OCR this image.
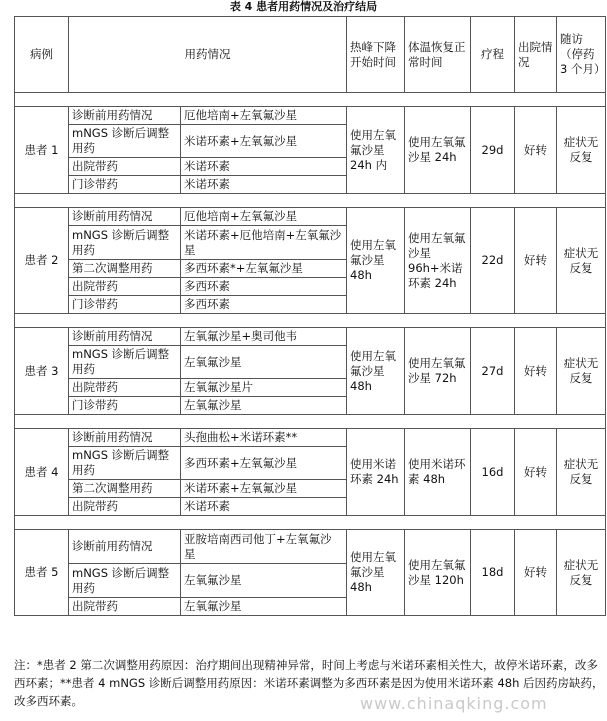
表 4 患者用药情况及治疗结局
病例	用药情况		热峰下降开始时间	体温恢复正常时间	疗程	出院情况	随访（停药 3 个月）

患者 1	诊断前用药情况	厄他培南+左氧氟沙星	使用左氧氟沙星 24h 内	使用左氧氟沙星 24h	29d	好转	症状无反复
	mNGS 诊断后调整用药	米诺环素+左氧氟沙星					
	出院带药	米诺环素					
	门诊带药	米诺环素					

患者 2	诊断前用药情况	厄他培南+左氧氟沙星	使用左氧氟沙星 48h	使用左氧氟沙星 96h+米诺环素 24h	22d	好转	症状无反复
	mNGS 诊断后调整用药	米诺环素+厄他培南+左氧氟沙星					
	第二次调整用药	多西环素*+左氧氟沙星					
	出院带药	多西环素					
	门诊带药	多西环素					

患者 3	诊断前用药情况	左氧氟沙星+奥司他韦	使用左氧氟沙星 48h	使用左氧氟沙星 72h	27d	好转	症状无反复
	mNGS 诊断后调整用药	左氧氟沙星					
	出院带药	左氧氟沙星片					
	门诊带药	左氧氟沙星					

患者 4	诊断前用药情况	头孢曲松+米诺环素**	使用米诺环素 24h	使用米诺环素 48h	16d	好转	症状无反复
	mNGS 诊断后调整用药	多西环素+左氧氟沙星					
	第二次调整用药	米诺环素+左氧氟沙星					
	出院带药	米诺环素					

患者 5	诊断前用药情况	亚胺培南西司他丁+左氧氟沙星	使用左氧氟沙星 48h	使用左氧氟沙星 120h	18d	好转	症状无反复
	mNGS 诊断后调整用药	左氧氟沙星					
	出院带药	左氧氟沙星					
注：*患者 2 第二次调整用药原因：治疗期间出现精神异常，时间上考虑与米诺环素相关性大，故停米诺环素，改多西环素；**患者 4 mNGS 诊断后调整用药原因：米诺环素调整为多西环素是因为使用米诺环素 48h 后因药房缺药，改多西环素。	www.chinaqking.com
